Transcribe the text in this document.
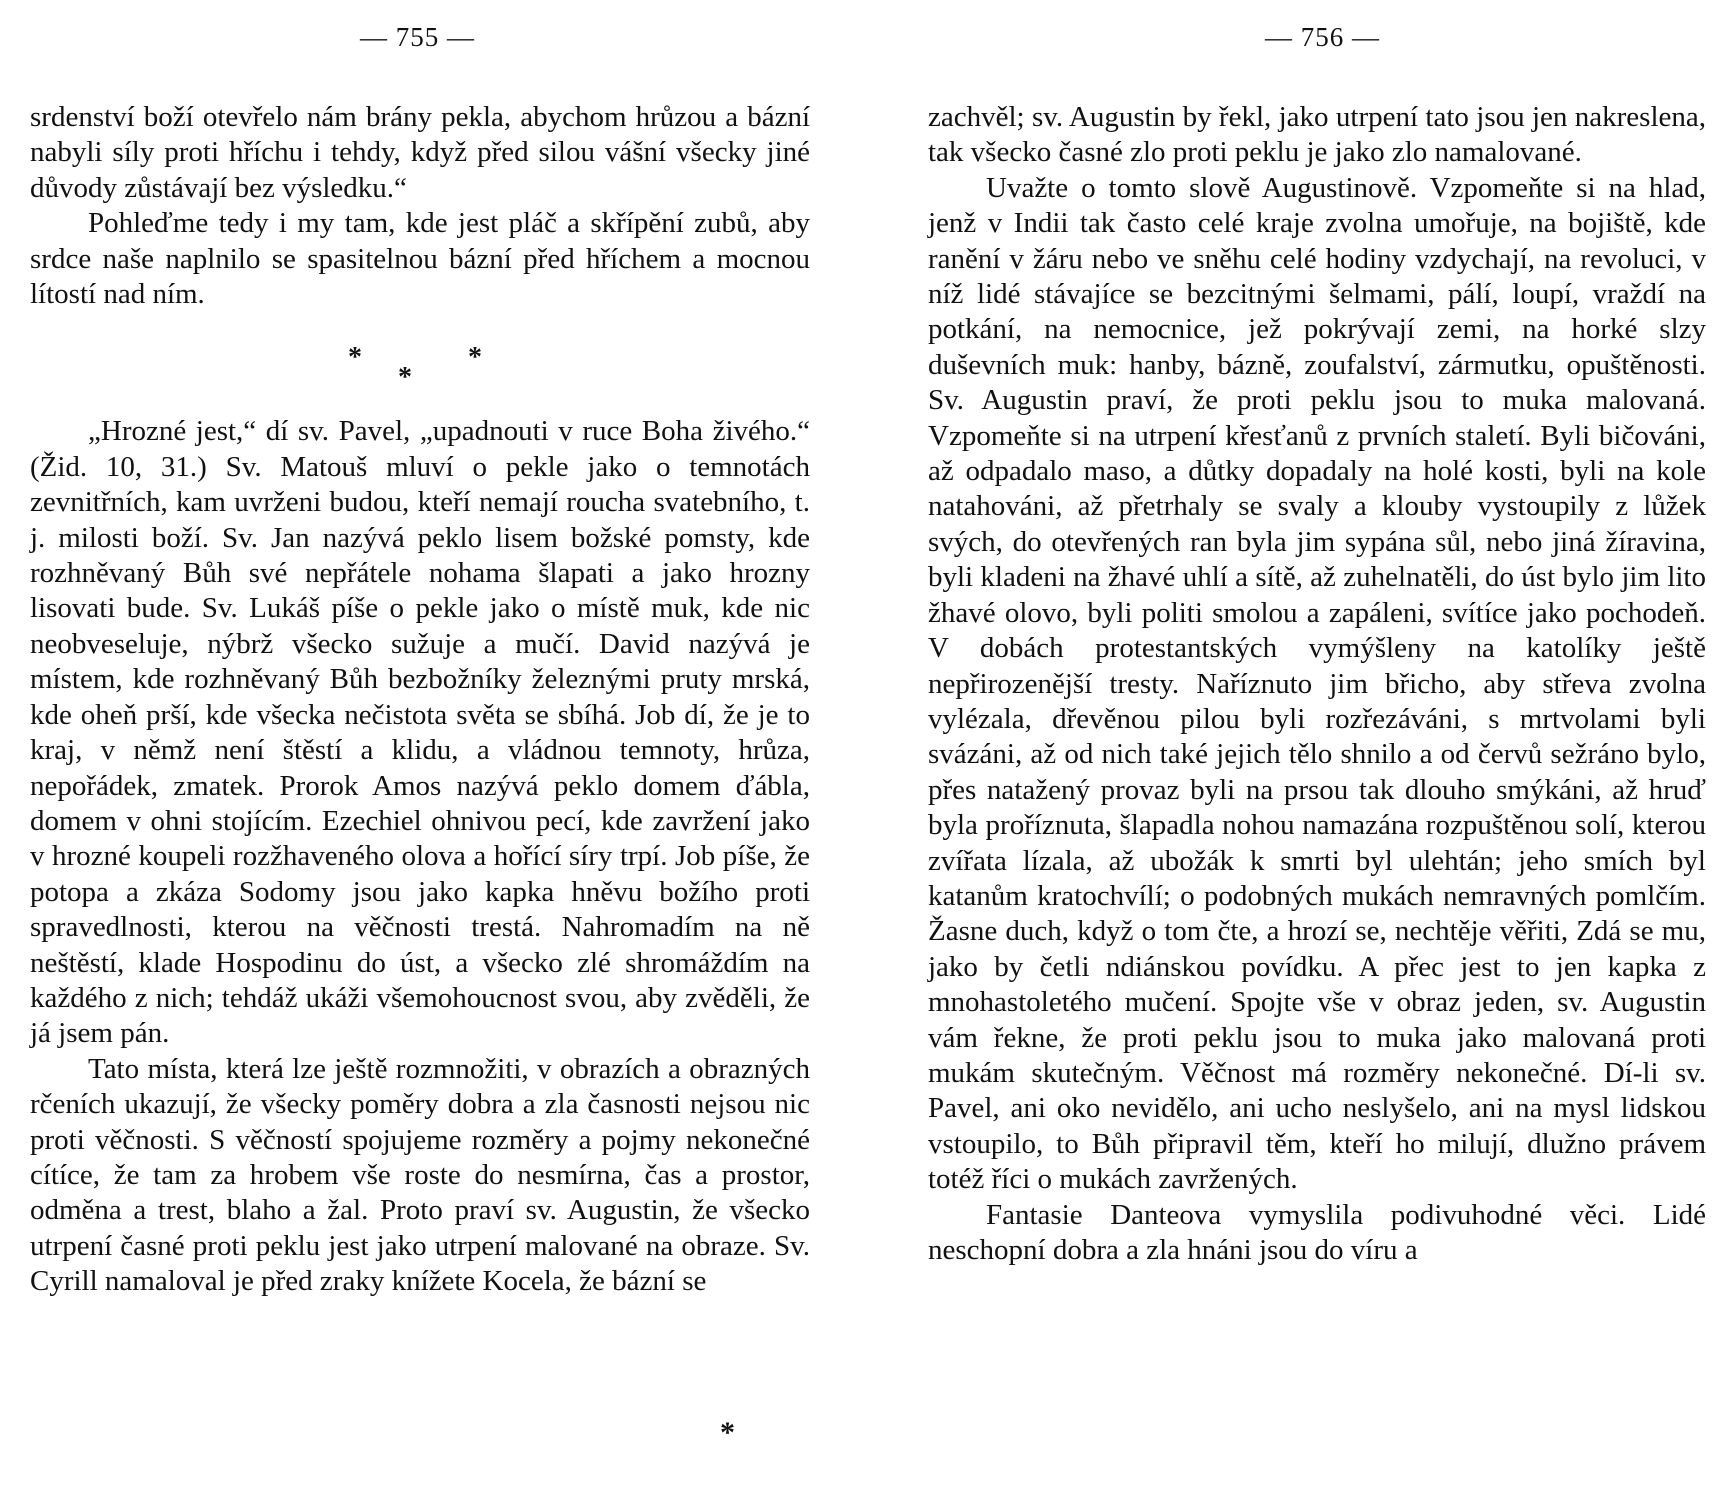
— 755 —	— 756 —

srdenství boží otevřelo nám brány pekla, abychom hrůzou a bázní nabyli síly proti hříchu i tehdy, když před silou vášní všecky jiné důvody zůstávají bez výsledku.“

Pohleďme tedy i my tam, kde jest pláč a skřípění zubů, aby srdce naše naplnilo se spasitelnou bázní před hříchem a mocnou lítostí nad ním.

*
*
*

„Hrozné jest,“ dí sv. Pavel, „upadnouti v ruce Boha živého.“ (Žid. 10, 31.) Sv. Matouš mluví o pekle jako o temnotách zevnitřních, kam uvrženi budou, kteří nemají roucha svatebního, t. j. milosti boží. Sv. Jan nazývá peklo lisem božské pomsty, kde rozhněvaný Bůh své nepřátele nohama šlapati a jako hrozny lisovati bude. Sv. Lukáš píše o pekle jako o místě muk, kde nic neobveseluje, nýbrž všecko sužuje a mučí. David nazývá je místem, kde rozhněvaný Bůh bezbožníky železnými pruty mrská, kde oheň prší, kde všecka nečistota světa se sbíhá. Job dí, že je to kraj, v němž není štěstí a klidu, a vládnou temnoty, hrůza, nepořádek, zmatek. Prorok Amos nazývá peklo domem ďábla, domem v ohni stojícím. Ezechiel ohnivou pecí, kde zavržení jako v hrozné koupeli rozžhaveného olova a hořící síry trpí. Job píše, že potopa a zkáza Sodomy jsou jako kapka hněvu božího proti spravedlnosti, kterou na věčnosti trestá. Nahromadím na ně neštěstí, klade Hospodinu do úst, a všecko zlé shromáždím na každého z nich; tehdáž ukáži všemohoucnost svou, aby zvěděli, že já jsem pán.

Tato místa, která lze ještě rozmnožiti, v obrazích a obrazných rčeních ukazují, že všecky poměry dobra a zla časnosti nejsou nic proti věčnosti. S věčností spojujeme rozměry a pojmy nekonečné cítíce, že tam za hrobem vše roste do nesmírna, čas a prostor, odměna a trest, blaho a žal. Proto praví sv. Augustin, že všecko utrpení časné proti peklu jest jako utrpení malované na obraze. Sv. Cyrill namaloval je před zraky knížete Kocela, že bázní se

zachvěl; sv. Augustin by řekl, jako utrpení tato jsou jen nakreslena, tak všecko časné zlo proti peklu je jako zlo namalované.

Uvažte o tomto slově Augustinově. Vzpomeňte si na hlad, jenž v Indii tak často celé kraje zvolna umořuje, na bojiště, kde ranění v žáru nebo ve sněhu celé hodiny vzdychají, na revoluci, v níž lidé stávajíce se bezcitnými šelmami, pálí, loupí, vraždí na potkání, na nemocnice, jež pokrývají zemi, na horké slzy duševních muk: hanby, bázně, zoufalství, zármutku, opuštěnosti. Sv. Augustin praví, že proti peklu jsou to muka malovaná. Vzpomeňte si na utrpení křesťanů z prvních staletí. Byli bičováni, až odpadalo maso, a důtky dopadaly na holé kosti, byli na kole natahováni, až přetrhaly se svaly a klouby vystoupily z lůžek svých, do otevřených ran byla jim sypána sůl, nebo jiná žíravina, byli kladeni na žhavé uhlí a sítě, až zuhelnatěli, do úst bylo jim lito žhavé olovo, byli politi smolou a zapáleni, svítíce jako pochodeň. V dobách protestantských vymýšleny na katolíky ještě nepřirozenější tresty. Naříznuto jim břicho, aby střeva zvolna vylézala, dřevěnou pilou byli rozřezáváni, s mrtvolami byli svázáni, až od nich také jejich tělo shnilo a od červů sežráno bylo, přes natažený provaz byli na prsou tak dlouho smýkáni, až hruď byla proříznuta, šlapadla nohou namazána rozpuštěnou solí, kterou zvířata lízala, až ubožák k smrti byl ulehtán; jeho smích byl katanům kratochvílí; o podobných mukách nemravných pomlčím. Žasne duch, když o tom čte, a hrozí se, nechtěje věřiti, Zdá se mu, jako by četli ndiánskou povídku. A přec jest to jen kapka z mnohastoletého mučení. Spojte vše v obraz jeden, sv. Augustin vám řekne, že proti peklu jsou to muka jako malovaná proti mukám skutečným. Věčnost má rozměry nekonečné. Dí-li sv. Pavel, ani oko nevidělo, ani ucho neslyšelo, ani na mysl lidskou vstoupilo, to Bůh připravil těm, kteří ho milují, dlužno právem totéž říci o mukách zavržených.

Fantasie Danteova vymyslila podivuhodné věci. Lidé neschopní dobra a zla hnáni jsou do víru a

*
